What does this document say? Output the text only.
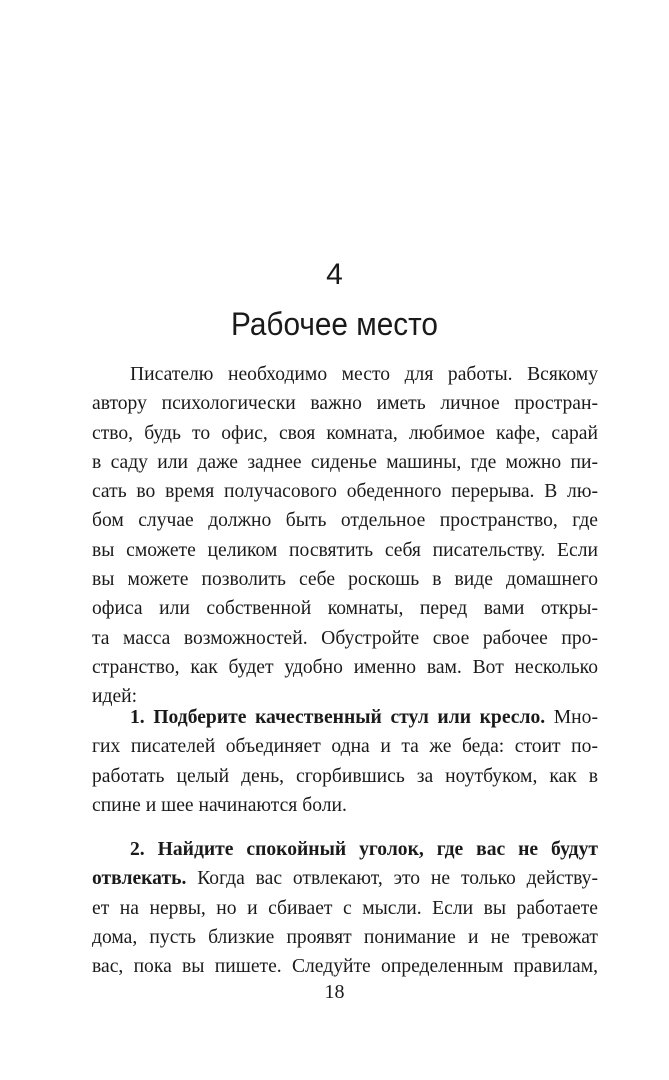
4
Рабочее место
Писателю необходимо место для работы. Всякому
автору психологически важно иметь личное простран-
ство, будь то офис, своя комната, любимое кафе, сарай
в саду или даже заднее сиденье машины, где можно пи-
сать во время получасового обеденного перерыва. В лю-
бом случае должно быть отдельное пространство, где
вы сможете целиком посвятить себя писательству. Если
вы можете позволить себе роскошь в виде домашнего
офиса или собственной комнаты, перед вами откры-
та масса возможностей. Обустройте свое рабочее про-
странство, как будет удобно именно вам. Вот несколько
идей:
1. Подберите качественный стул или кресло. Мно-
гих писателей объединяет одна и та же беда: стоит по-
работать целый день, сгорбившись за ноутбуком, как в
спине и шее начинаются боли.
2. Найдите спокойный уголок, где вас не будут
отвлекать. Когда вас отвлекают, это не только действу-
ет на нервы, но и сбивает с мысли. Если вы работаете
дома, пусть близкие проявят понимание и не тревожат
вас, пока вы пишете. Следуйте определенным правилам,
18
